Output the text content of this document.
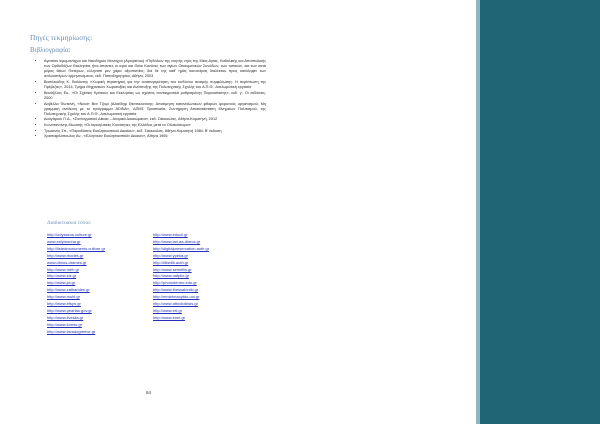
Πηγές τεκμηρίωσης:
Βιβλιογραφία:
• Αγαπίου Ιερομονάχου και Νικοδήμου Μοναχού (Αγιορείτου) «Πηδάλιον της νοητής νηός της Μιας Αγίας, Καθολικής και Αποστολικής των Ορθοδόξων Εκκλησίας ήτοι άπαντες οι ιεροί και Θείοι Κανόνες των αγίων Οικουμενικών Συνόδων, των τοπικών, και των κατά μέρος θείων Πατέρων, ελληνιστί μεν χάριν αξιοπιστίας, διά δε της καθ' ημάς κοινοτέρας διαλέκτου προς κατάληψιν των απλουστέρων ερμηνευόμενοι, εκδ. Παπαδημητρίου, Αθήνα, 2003
• Βασιλειάδης Κ. Βαλάντης «Χωρική στρατηγική για την ανασυγκρότηση του κινδύνου σεισμής συμφιλίωσης: Η περίπτωση της Πρέβεζας», 2014, Τμήμα Μηχανικών Χωροταξίας και Ανάπτυξης της Πολυτεχνικής Σχολής του Α.Π.Θ., Διπλωματική εργασία
• Βανάζέλος Ευ., «Οι Σχέσεις Κράτους και Εκκλησίας ως σχέσεις συνταγματικά ρυθμισμένης Παρουσίασης», εκδ. γ', Οι εκδόσεις, 2000
• Δαβέλλα Φωτεινή, «Ναοί» Βεν Τζαμί (Αλαέδηφ Θεσσαλονίκης: Αποτίμηση καταναλωτικών φθορών φορονούς οργανισμού, Μη γραμμική ανάλυση με το πρόγραμμα ADINA», ΔΠΜΣ Προστασία, Συντήρηση Αποκατάσταση Μνημείων Πολιτισμού, της Πολυτεχνικής Σχολής του Α.Π.Θ., Διπλωματική εργασία
• Δαυγάριου Π.Δ., «Συνταγματικό Δίκαιο – Ατομικά Δικαιώματα», εκδ. Σάκκουλας, Αθήνα-Κομοτηνή, 2012
• Κωνσταντίνης Μωυσής «Οι Ισραηλιτικές Κοινότητες της Ελλάδος μετά το Ολοκαύτωμα»
• Τρωιανός Σπ., «Παραδόσεις Εκκλησιαστικού Δικαίου», εκδ. Σάκκουλας, Αθήνα-Κομοτηνή 1984, Β' έκδοση
• Χριστοφιλόπουλος Αν., «Ελληνικόν Εκκλησιαστικόν Δίκαιον», Αθήνα 1965
Διαδικτυακοί τόποι:
http://odysseus.culture.gr
www.xstymonha.gr
http://listedmonuments.culture.gr
http://www.rhodes.gr
www.dimos-drames.gr
http://www.meh.gr
http://www.kis.gr
http://www.jct.gr
http://www.zatharides.gr
http://www.muhi.gr
http://www.efsyn.gr
http://www.peartas.gov.gr
http://www.liveslia.gr
http://www.kornis.gr
http://www.lavadogreece.gr
http://www.educll.gr
http://www.lari.aa-dimos.gr
http://digitalpreservation.auth.gr
http://www.ypeka.gr
http://lllbwllb.auth.gr
http://www.semellis.gr
http://www.nafplio.gr
http://photodentro.edu.gr
http://www.thessaloniki.gr
http://mmbhnacptdo.uoi.gr
http://www.aftodioikisis.gr
http://www.ert.gr
http://www.enet.gr
84
